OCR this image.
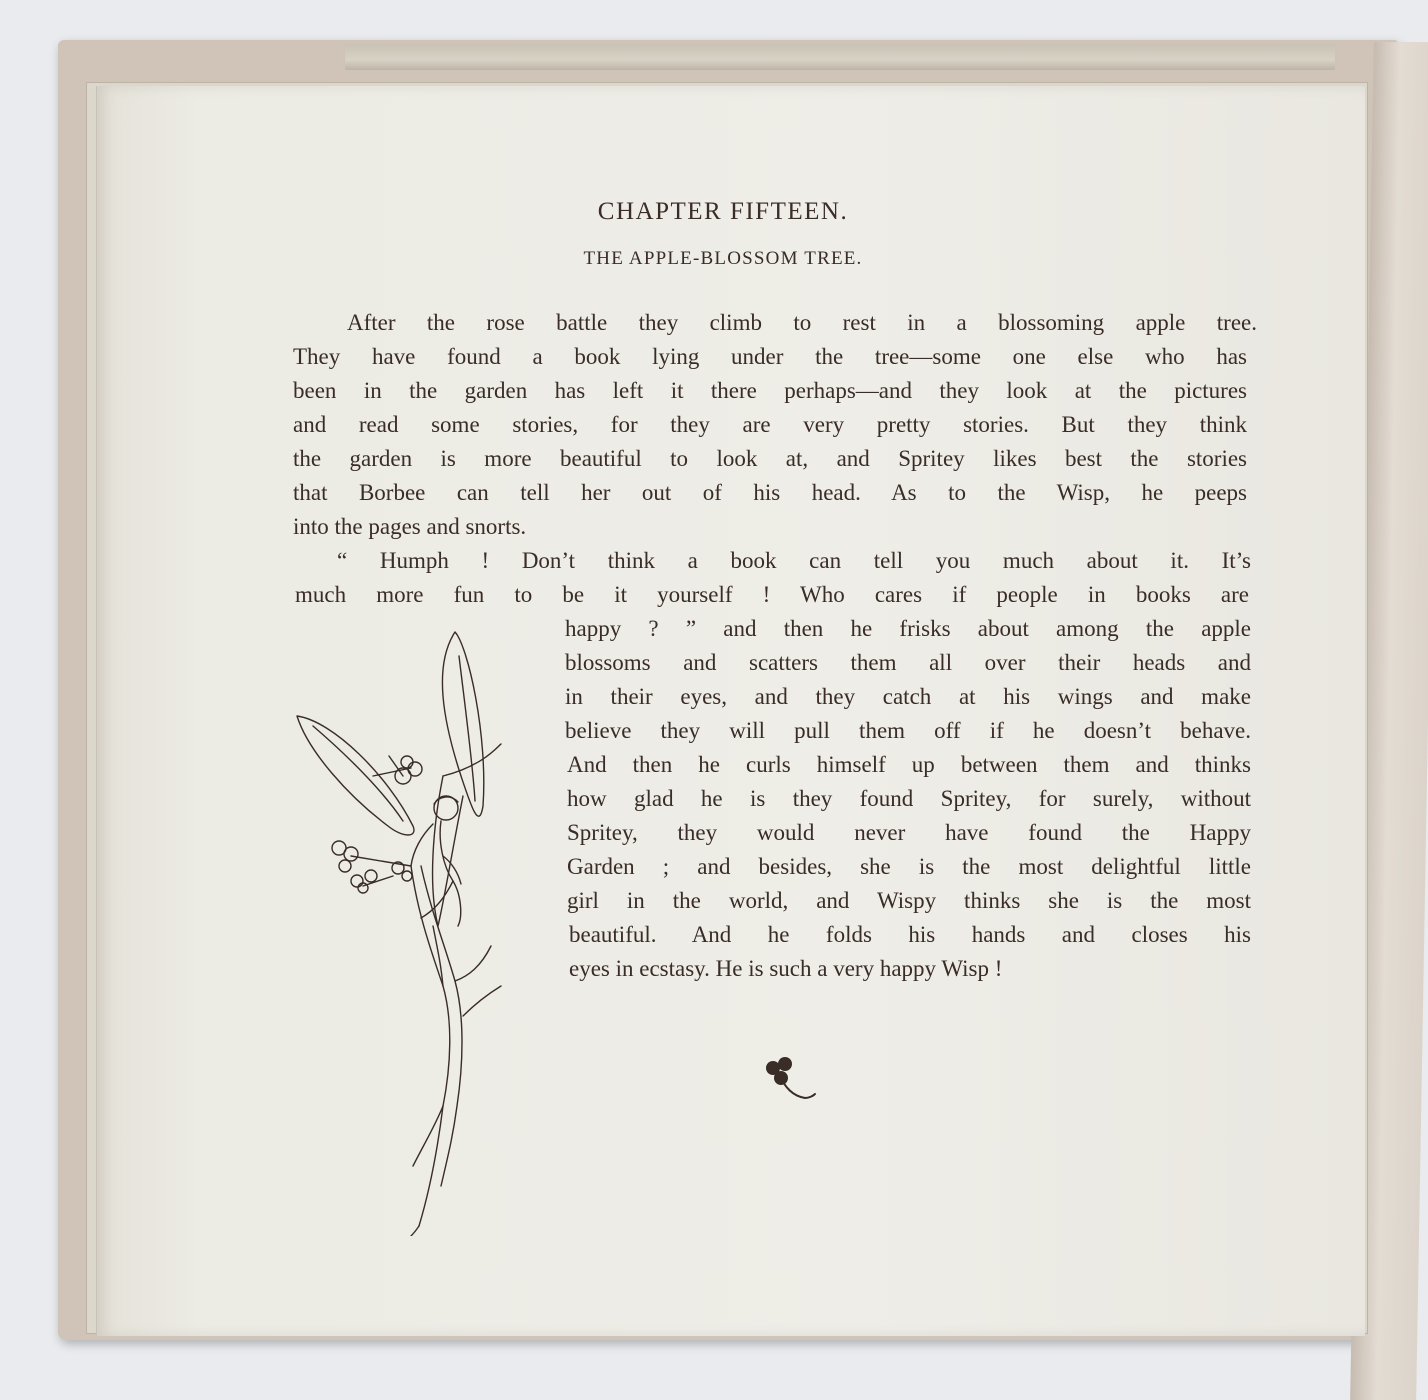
CHAPTER FIFTEEN.
THE APPLE-BLOSSOM TREE.
After the rose battle they climb to rest in a blossoming apple tree.
They have found a book lying under the tree—some one else who has
been in the garden has left it there perhaps—and they look at the pictures
and read some stories, for they are very pretty stories. But they think
the garden is more beautiful to look at, and Spritey likes best the stories
that Borbee can tell her out of his head. As to the Wisp, he peeps
into the pages and snorts.
“ Humph ! Don’t think a book can tell you much about it. It’s
much more fun to be it yourself ! Who cares if people in books are
happy ? ” and then he frisks about among the apple
blossoms and scatters them all over their heads and
in their eyes, and they catch at his wings and make
believe they will pull them off if he doesn’t behave.
And then he curls himself up between them and thinks
how glad he is they found Spritey, for surely, without
Spritey, they would never have found the Happy
Garden ; and besides, she is the most delightful little
girl in the world, and Wispy thinks she is the most
beautiful. And he folds his hands and closes his
eyes in ecstasy. He is such a very happy Wisp !
